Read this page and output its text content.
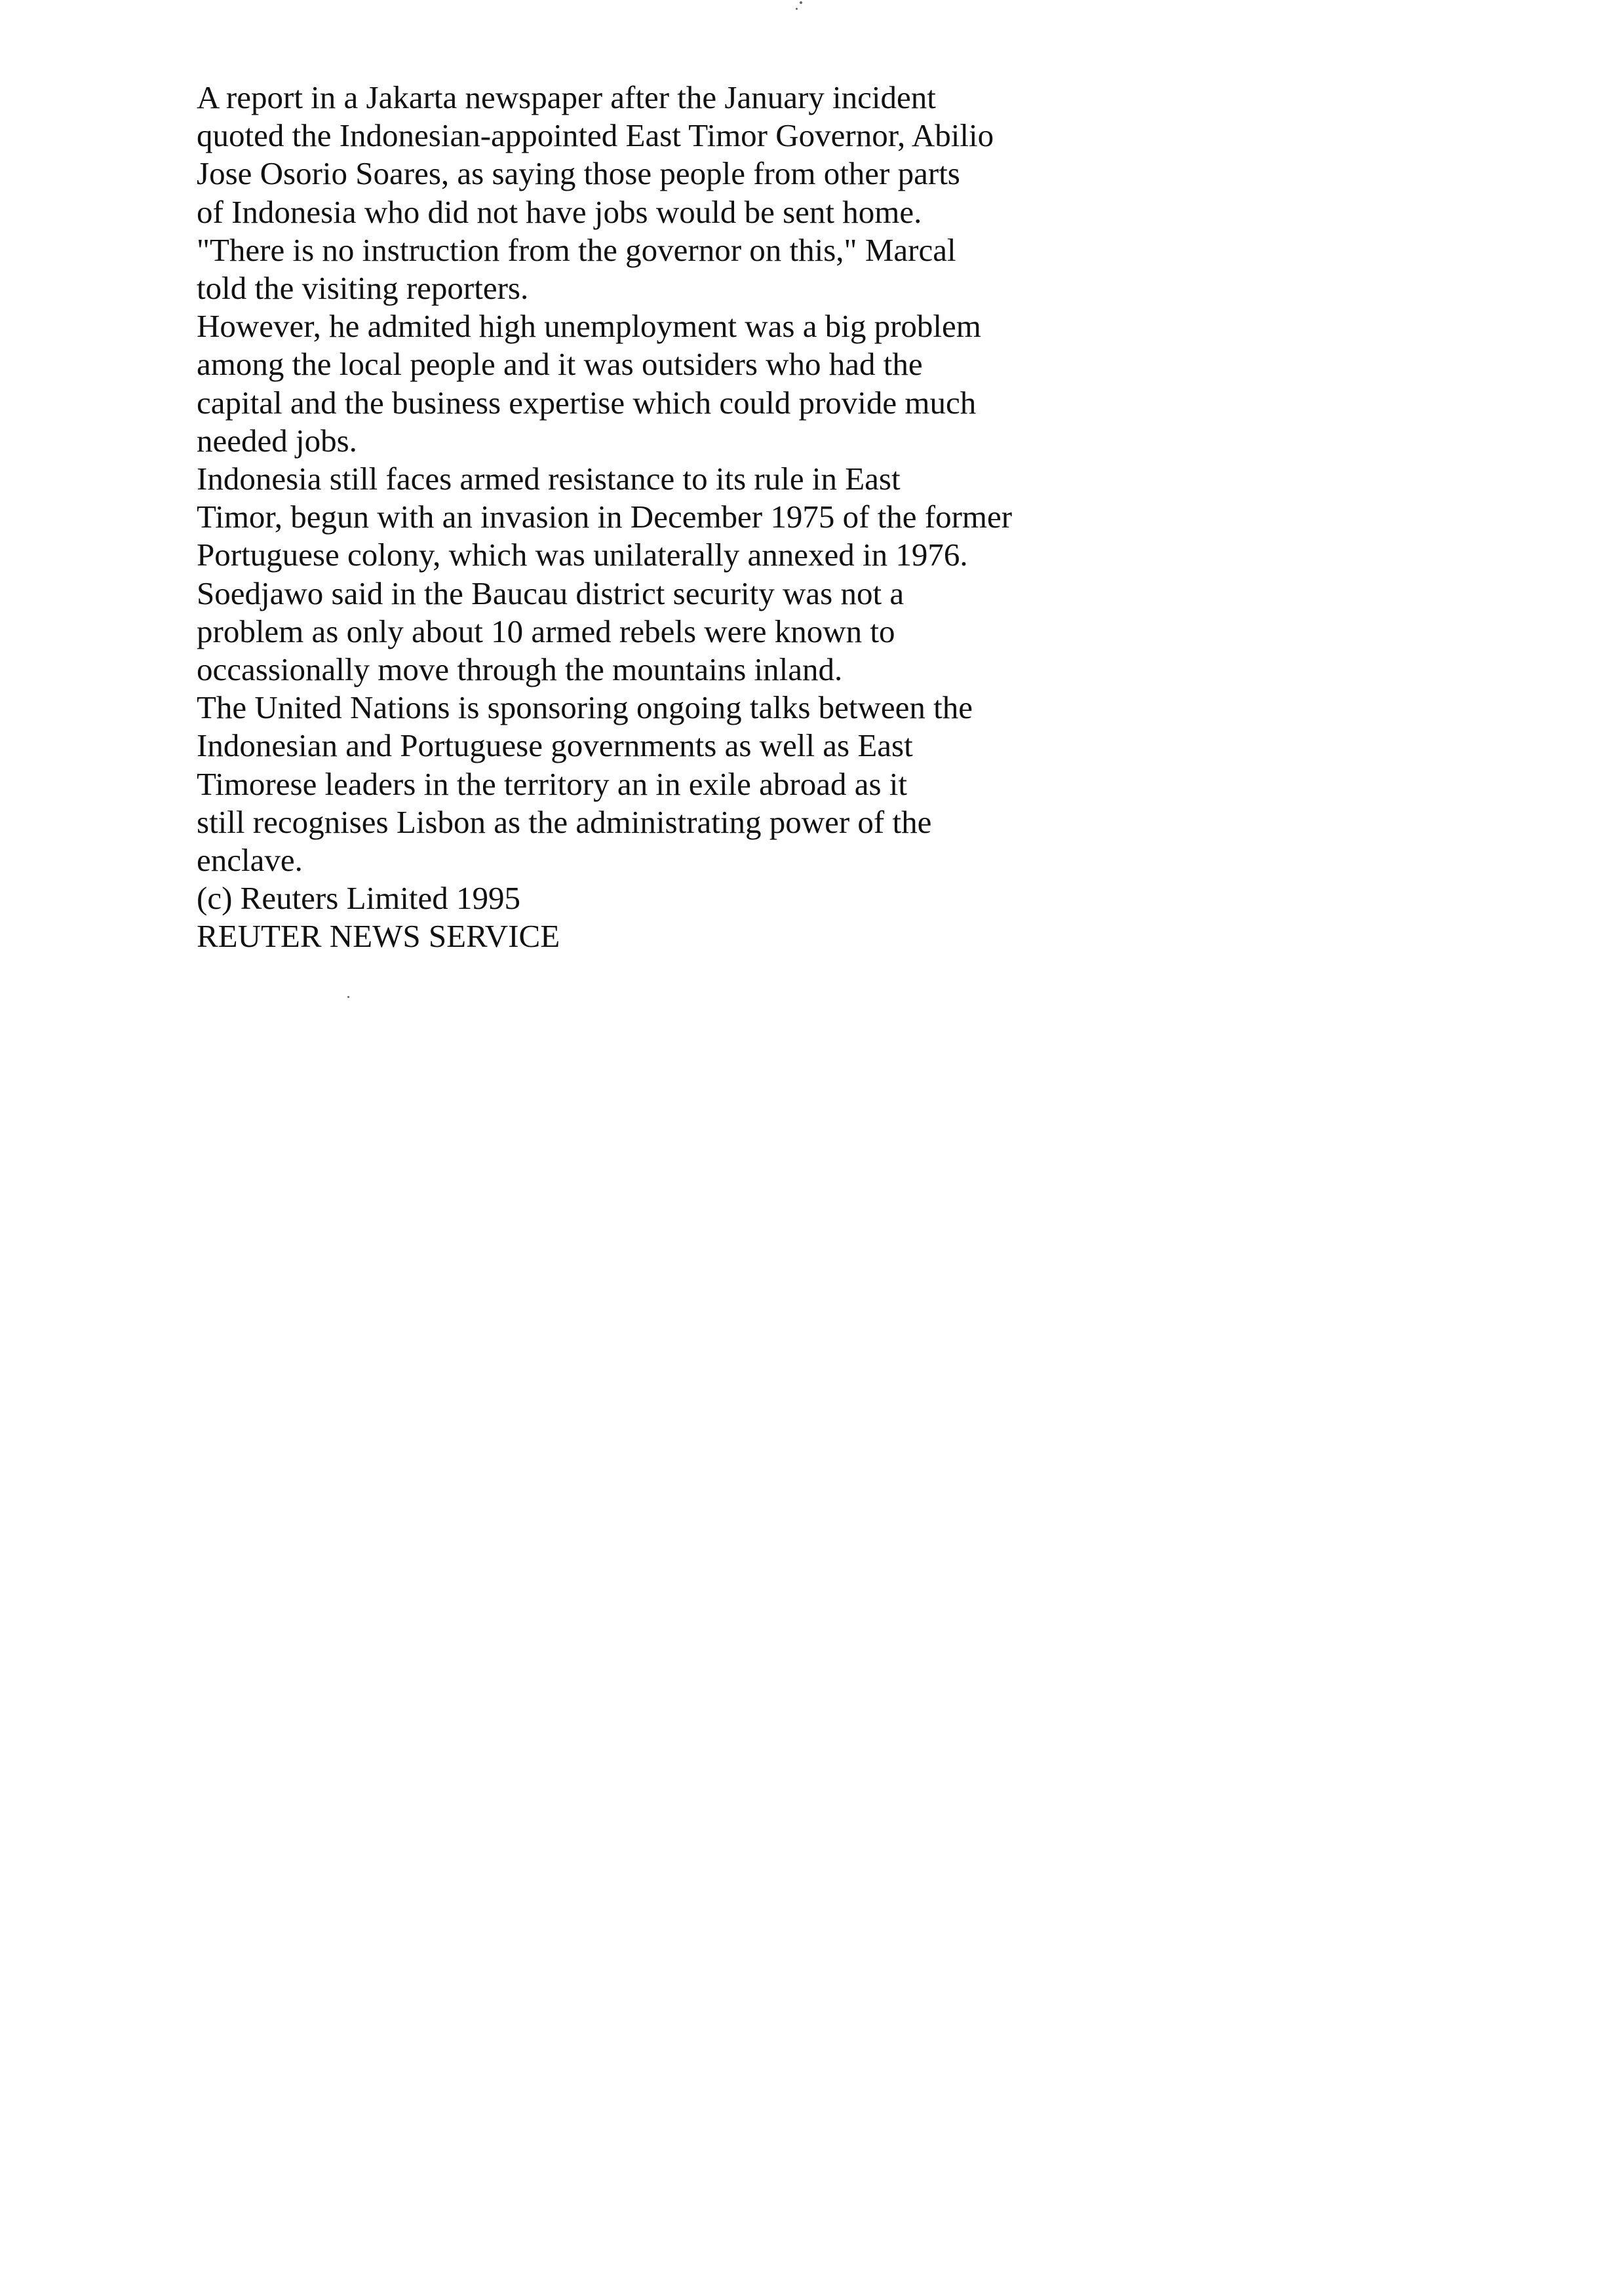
A report in a Jakarta newspaper after the January incident
quoted the Indonesian-appointed East Timor Governor, Abilio
Jose Osorio Soares, as saying those people from other parts
of Indonesia who did not have jobs would be sent home.
"There is no instruction from the governor on this," Marcal
told the visiting reporters.
However, he admited high unemployment was a big problem
among the local people and it was outsiders who had the
capital and the business expertise which could provide much
needed jobs.
Indonesia still faces armed resistance to its rule in East
Timor, begun with an invasion in December 1975 of the former
Portuguese colony, which was unilaterally annexed in 1976.
Soedjawo said in the Baucau district security was not a
problem as only about 10 armed rebels were known to
occassionally move through the mountains inland.
The United Nations is sponsoring ongoing talks between the
Indonesian and Portuguese governments as well as East
Timorese leaders in the territory an in exile abroad as it
still recognises Lisbon as the administrating power of the
enclave.
(c) Reuters Limited 1995
REUTER NEWS SERVICE
